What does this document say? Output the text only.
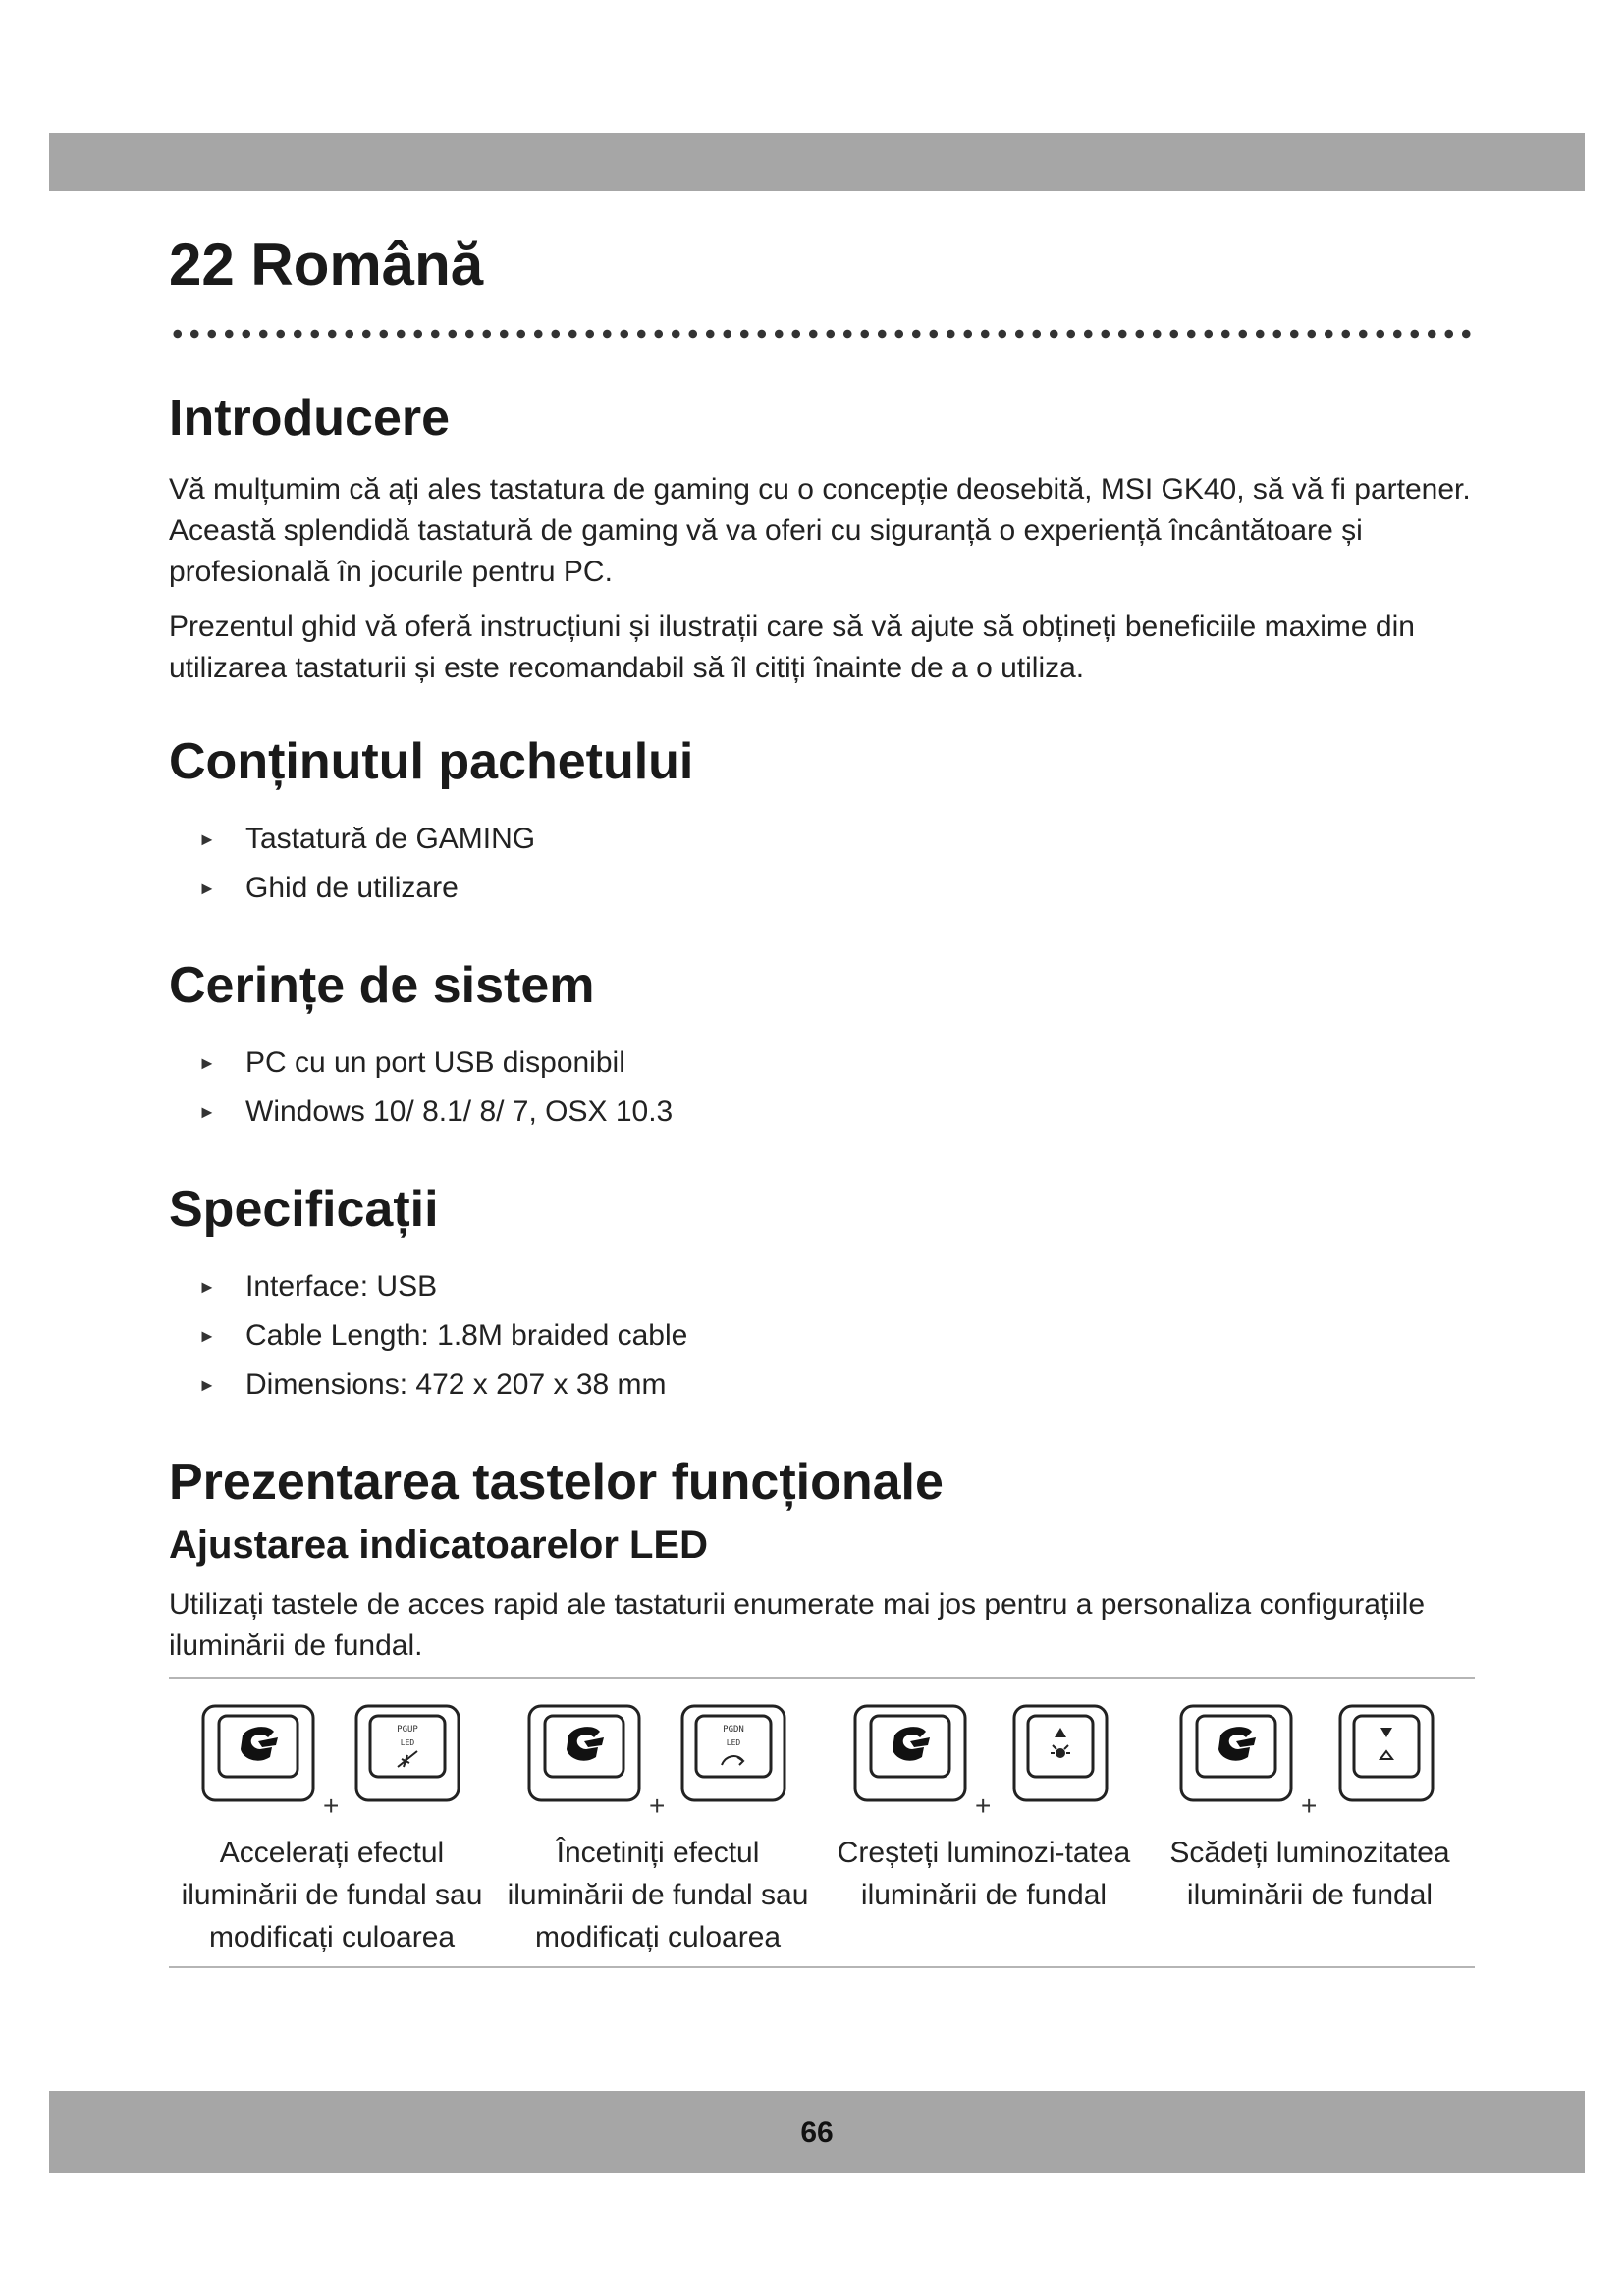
22 Română
Introducere

Vă mulțumim că ați ales tastatura de gaming cu o concepție deosebită, MSI GK40, să vă fi partener. Această splendidă tastatură de gaming vă va oferi cu siguranță o experiență încântătoare și profesională în jocurile pentru PC.

Prezentul ghid vă oferă instrucțiuni și ilustrații care să vă ajute să obțineți beneficiile maxime din utilizarea tastaturii și este recomandabil să îl citiți înainte de a o utiliza.

Conținutul pachetului
► Tastatură de GAMING
► Ghid de utilizare
Cerințe de sistem
► PC cu un port USB disponibil
► Windows 10/ 8.1/ 8/ 7, OSX 10.3
Specificații
► Interface: USB
► Cable Length: 1.8M braided cable
► Dimensions: 472 x 207 x 38 mm
Prezentarea tastelor funcționale
Ajustarea indicatoarelor LED

Utilizați tastele de acces rapid ale tastaturii enumerate mai jos pentru a personaliza configurațiile iluminării de fundal.

PGUP
LED
+
Accelerați efectul iluminării de fundal sau modificați culoarea
PGDN
LED
+
Încetiniți efectul iluminării de fundal sau modificați culoarea
+
Creșteți luminozi-tatea iluminării de fundal
+
Scădeți luminozitatea iluminării de fundal
66
